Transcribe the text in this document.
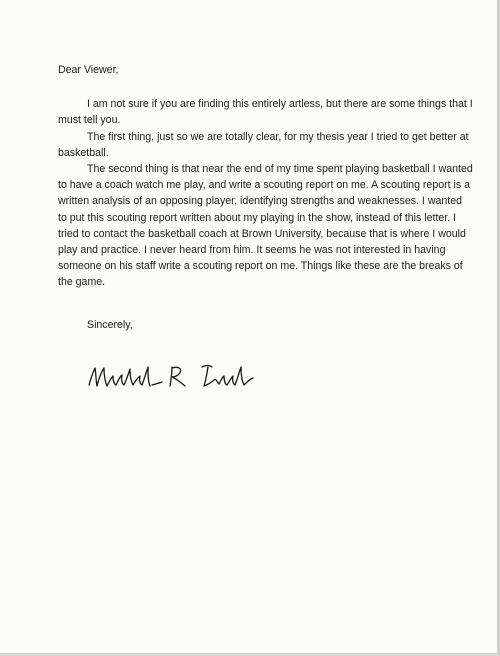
Dear Viewer,

I am not sure if you are finding this entirely artless, but there are some things that I must tell you.

The first thing, just so we are totally clear, for my thesis year I tried to get better at basketball.

The second thing is that near the end of my time spent playing basketball I wanted to have a coach watch me play, and write a scouting report on me. A scouting report is a written analysis of an opposing player, identifying strengths and weaknesses. I wanted to put this scouting report written about my playing in the show, instead of this letter. I tried to contact the basketball coach at Brown University, because that is where I would play and practice. I never heard from him. It seems he was not interested in having someone on his staff write a scouting report on me. Things like these are the breaks of the game.

Sincerely,
